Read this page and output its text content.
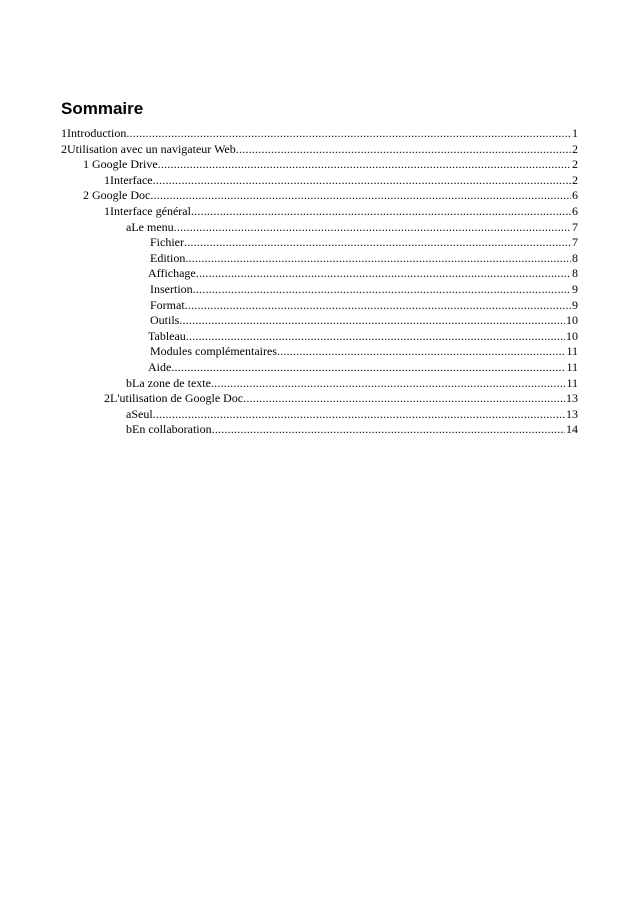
Sommaire
1Introduction .....	1
2Utilisation avec un navigateur Web .....	2
1 Google Drive .....	2
1Interface .....	2
2 Google Doc .....	6
1Interface général .....	6
aLe menu .....	7
Fichier .....	7
Edition .....	8
Affichage .....	8
Insertion .....	9
Format .....	9
Outils .....	10
Tableau .....	10
Modules complémentaires .....	11
Aide .....	11
bLa zone de texte .....	11
2L'utilisation de Google Doc .....	13
aSeul .....	13
bEn collaboration .....	14
